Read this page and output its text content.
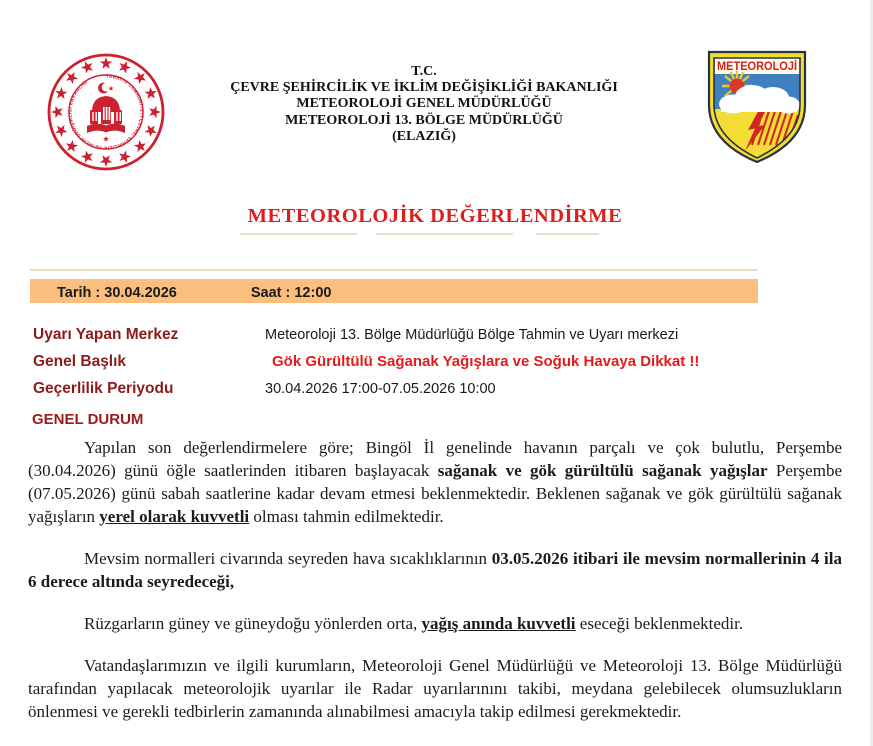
TÜRKİYE CUMHURİYETİ ÇEVRE, ŞEHİRCİLİK VE İKLİM DEĞİŞİKLİĞİ BAKANLIĞI
T.C.
ÇEVRE ŞEHİRCİLİK VE İKLİM DEĞİŞİKLİĞİ BAKANLIĞI
METEOROLOJİ GENEL MÜDÜRLÜĞÜ
METEOROLOJİ 13. BÖLGE MÜDÜRLÜĞÜ
(ELAZIĞ)
METEOROLOJİ
METEOROLOJİK DEĞERLENDİRME
Tarih : 30.04.2026	Saat : 12:00
Uyarı Yapan Merkez	Meteoroloji 13. Bölge Müdürlüğü Bölge Tahmin ve Uyarı merkezi
Genel Başlık	Gök Gürültülü Sağanak Yağışlara ve Soğuk Havaya Dikkat !!
Geçerlilik Periyodu	30.04.2026 17:00-07.05.2026 10:00
GENEL DURUM

Yapılan son değerlendirmelere göre; Bingöl İl genelinde havanın parçalı ve çok bulutlu, Perşembe (30.04.2026) günü öğle saatlerinden itibaren başlayacak sağanak ve gök gürültülü sağanak yağışlar Perşembe (07.05.2026) günü sabah saatlerine kadar devam etmesi beklenmektedir. Beklenen sağanak ve gök gürültülü sağanak yağışların yerel olarak kuvvetli olması tahmin edilmektedir.

Mevsim normalleri civarında seyreden hava sıcaklıklarının 03.05.2026 itibari ile mevsim normallerinin 4 ila 6 derece altında seyredeceği,

Rüzgarların güney ve güneydoğu yönlerden orta, yağış anında kuvvetli eseceği beklenmektedir.

Vatandaşlarımızın ve ilgili kurumların, Meteoroloji Genel Müdürlüğü ve Meteoroloji 13. Bölge Müdürlüğü tarafından yapılacak meteorolojik uyarılar ile Radar uyarılarınını takibi, meydana gelebilecek olumsuzlukların önlenmesi ve gerekli tedbirlerin zamanında alınabilmesi amacıyla takip edilmesi gerekmektedir.
